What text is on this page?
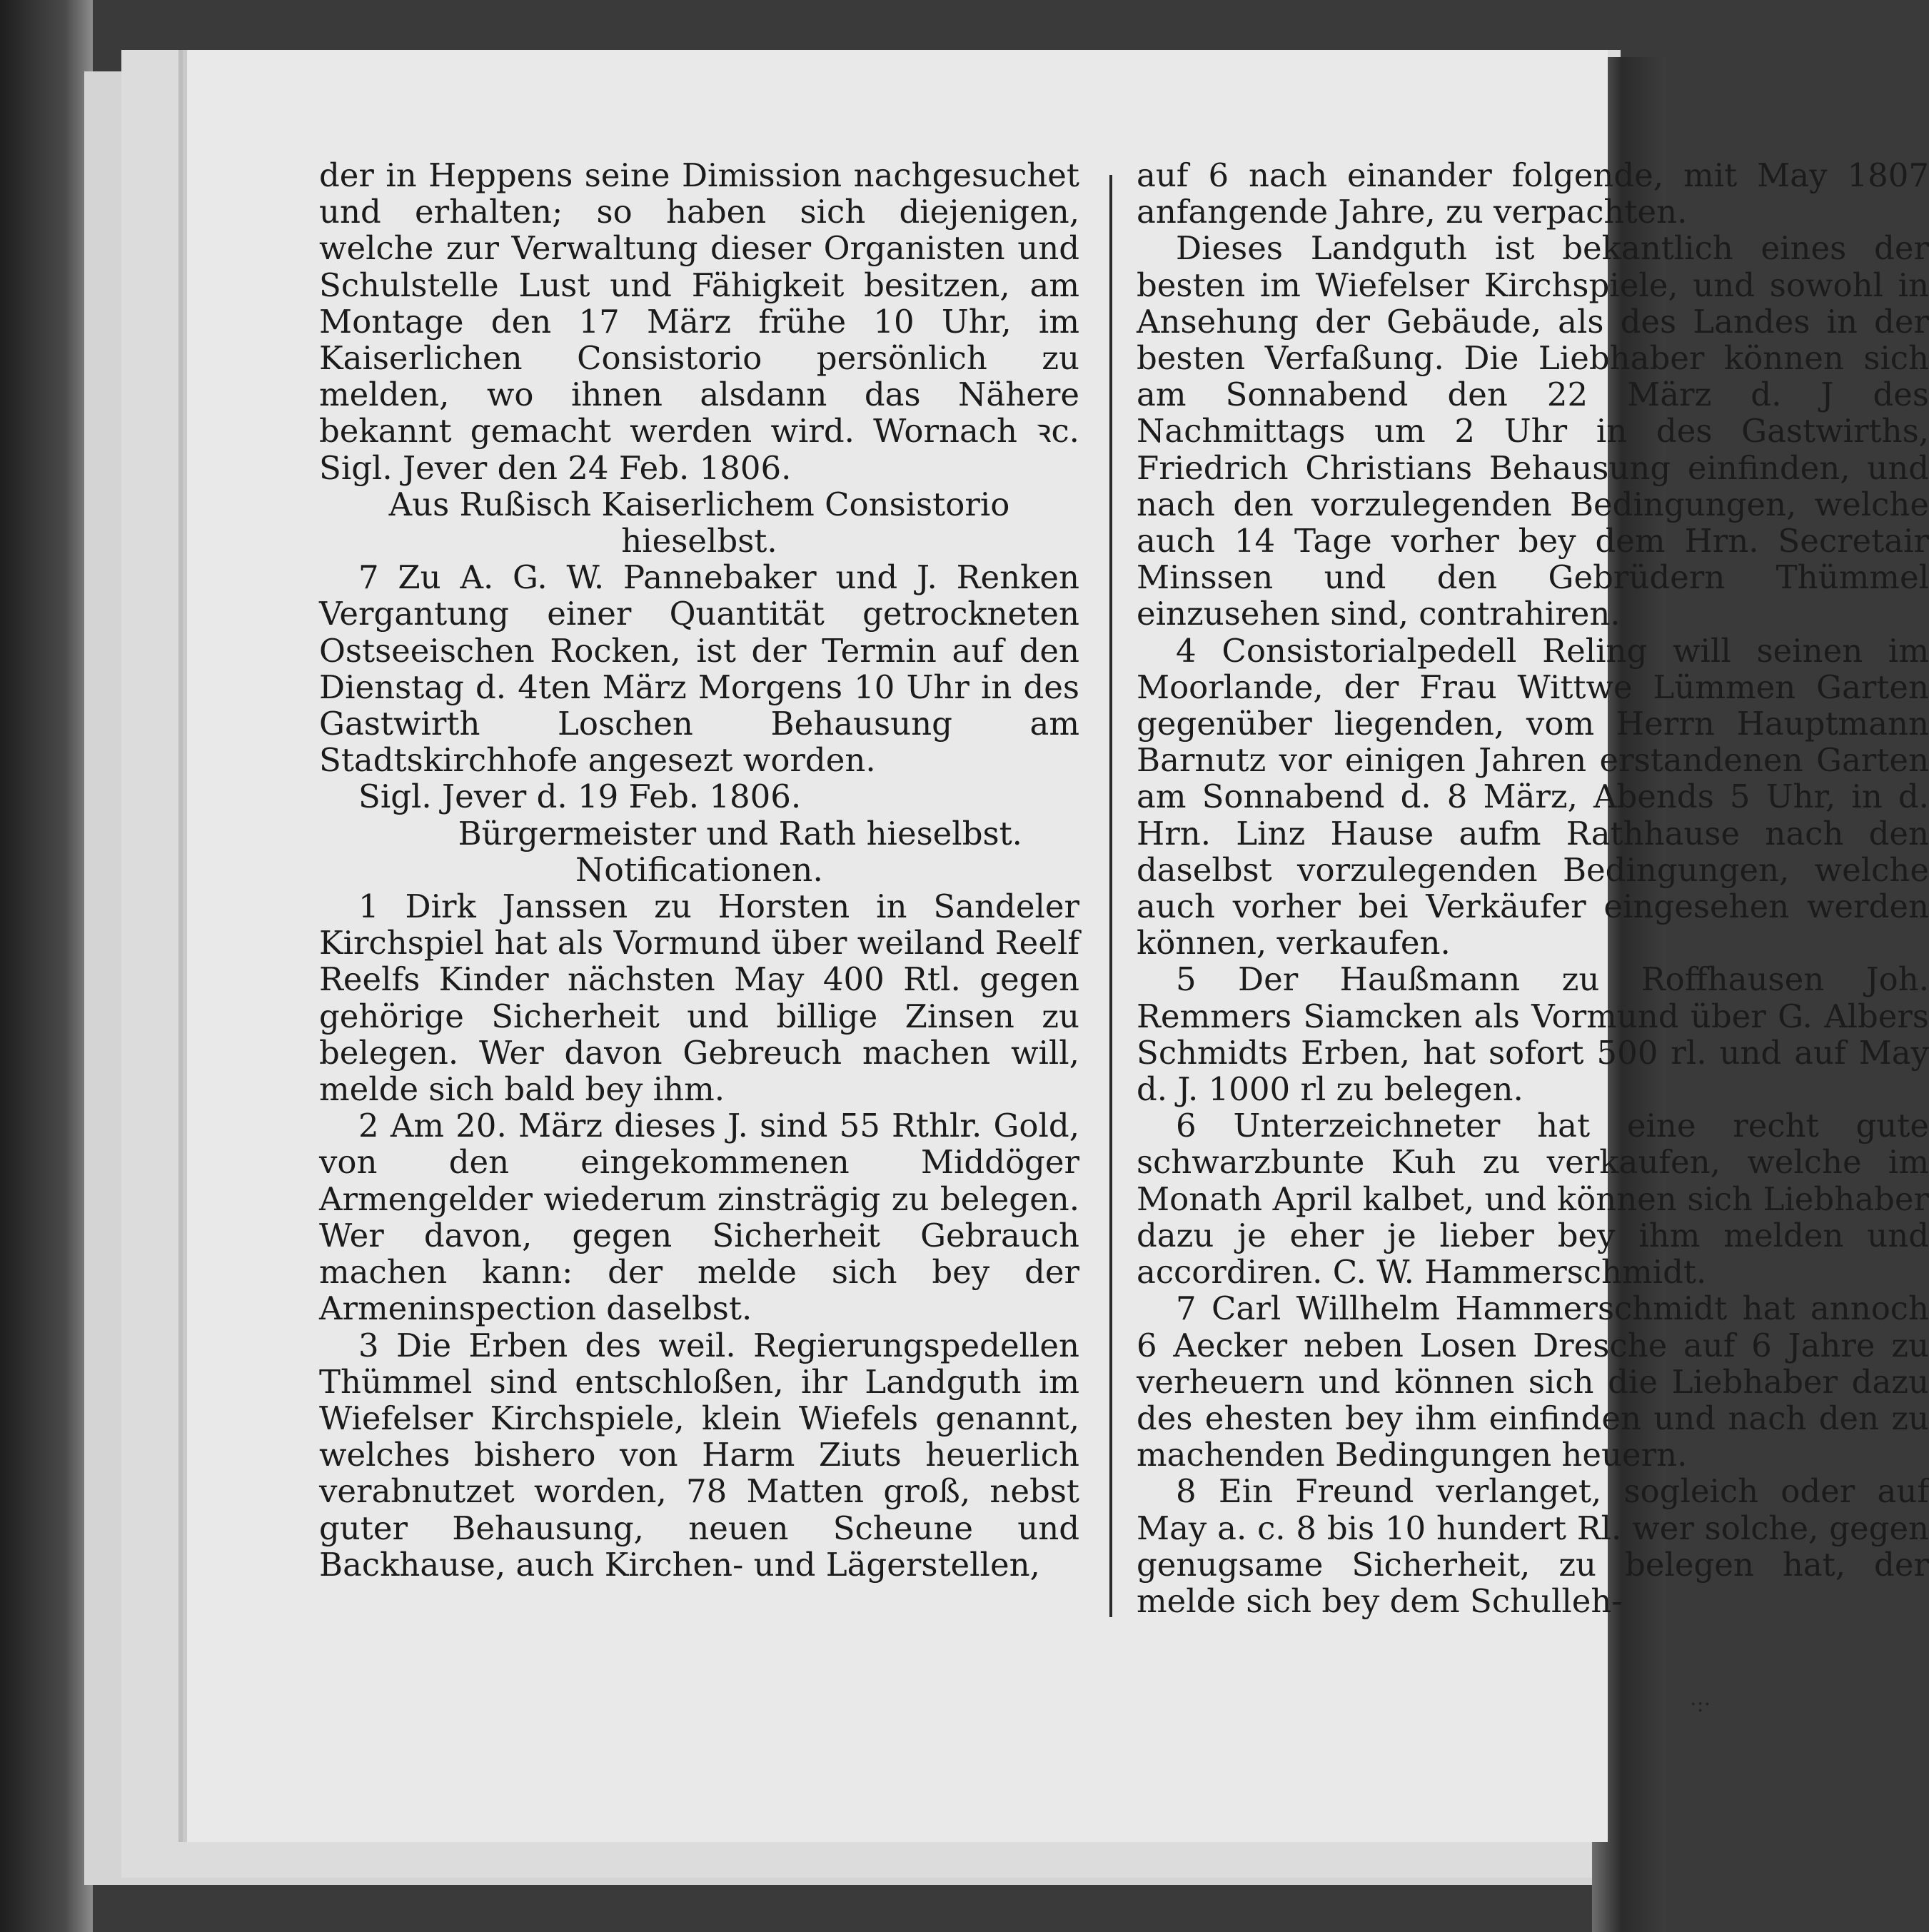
der in Heppens seine Dimission nachgesuchet und erhalten; so haben sich diejenigen, welche zur Verwaltung dieser Organisten und Schulstelle Lust und Fähigkeit besitzen, am Montage den 17 März frühe 10 Uhr, im Kaiserlichen Consistorio persönlich zu melden, wo ihnen alsdann das Nähere bekannt gemacht werden wird. Wornach ꝛc. Sigl. Jever den 24 Feb. 1806.

Aus Rußisch Kaiserlichem Consistorio hieselbst.

7 Zu A. G. W. Pannebaker und J. Renken Vergantung einer Quantität getrockneten Ostseeischen Rocken, ist der Termin auf den Dienstag d. 4ten März Morgens 10 Uhr in des Gastwirth Loschen Behausung am Stadtskirchhofe angesezt worden.

Sigl. Jever d. 19 Feb. 1806.

Bürgermeister und Rath hieselbst.

Notificationen.

1 Dirk Janssen zu Horsten in Sandeler Kirchspiel hat als Vormund über weiland Reelf Reelfs Kinder nächsten May 400 Rtl. gegen gehörige Sicherheit und billige Zinsen zu belegen. Wer davon Gebreuch machen will, melde sich bald bey ihm.

2 Am 20. März dieses J. sind 55 Rthlr. Gold, von den eingekommenen Middöger Armengelder wiederum zinsträgig zu belegen. Wer davon, gegen Sicherheit Gebrauch machen kann: der melde sich bey der Armeninspection daselbst.

3 Die Erben des weil. Regierungspedellen Thümmel sind entschloßen, ihr Landguth im Wiefelser Kirchspiele, klein Wiefels genannt, welches bishero von Harm Ziuts heuerlich verabnutzet worden, 78 Matten groß, nebst guter Behausung, neuen Scheune und Backhause, auch Kirchen- und Lägerstellen,

auf 6 nach einander folgende, mit May 1807 anfangende Jahre, zu verpachten.

Dieses Landguth ist bekantlich eines der besten im Wiefelser Kirchspiele, und sowohl in Ansehung der Gebäude, als des Landes in der besten Verfaßung. Die Liebhaber können sich am Sonnabend den 22 März d. J des Nachmittags um 2 Uhr in des Gastwirths, Friedrich Christians Behausung einfinden, und nach den vorzulegenden Bedingungen, welche auch 14 Tage vorher bey dem Hrn. Secretair Minssen und den Gebrüdern Thümmel einzusehen sind, contrahiren.

4 Consistorialpedell Reling will seinen im Moorlande, der Frau Wittwe Lümmen Garten gegenüber liegenden, vom Herrn Hauptmann Barnutz vor einigen Jahren erstandenen Garten am Sonnabend d. 8 März, Abends 5 Uhr, in d. Hrn. Linz Hause aufm Rathhause nach den daselbst vorzulegenden Bedingungen, welche auch vorher bei Verkäufer eingesehen werden können, verkaufen.

5 Der Haußmann zu Roffhausen Joh. Remmers Siamcken als Vormund über G. Albers Schmidts Erben, hat sofort 500 rl. und auf May d. J. 1000 rl zu belegen.

6 Unterzeichneter hat eine recht gute schwarzbunte Kuh zu verkaufen, welche im Monath April kalbet, und können sich Liebhaber dazu je eher je lieber bey ihm melden und accordiren. C. W. Hammerschmidt.

7 Carl Willhelm Hammerschmidt hat annoch 6 Aecker neben Losen Dresche auf 6 Jahre zu verheuern und können sich die Liebhaber dazu des ehesten bey ihm einfinden und nach den zu machenden Bedingungen heuern.

8 Ein Freund verlanget, sogleich oder auf May a. c. 8 bis 10 hundert Rl. wer solche, gegen genugsame Sicherheit, zu belegen hat, der melde sich bey dem Schulleh-

·:·
